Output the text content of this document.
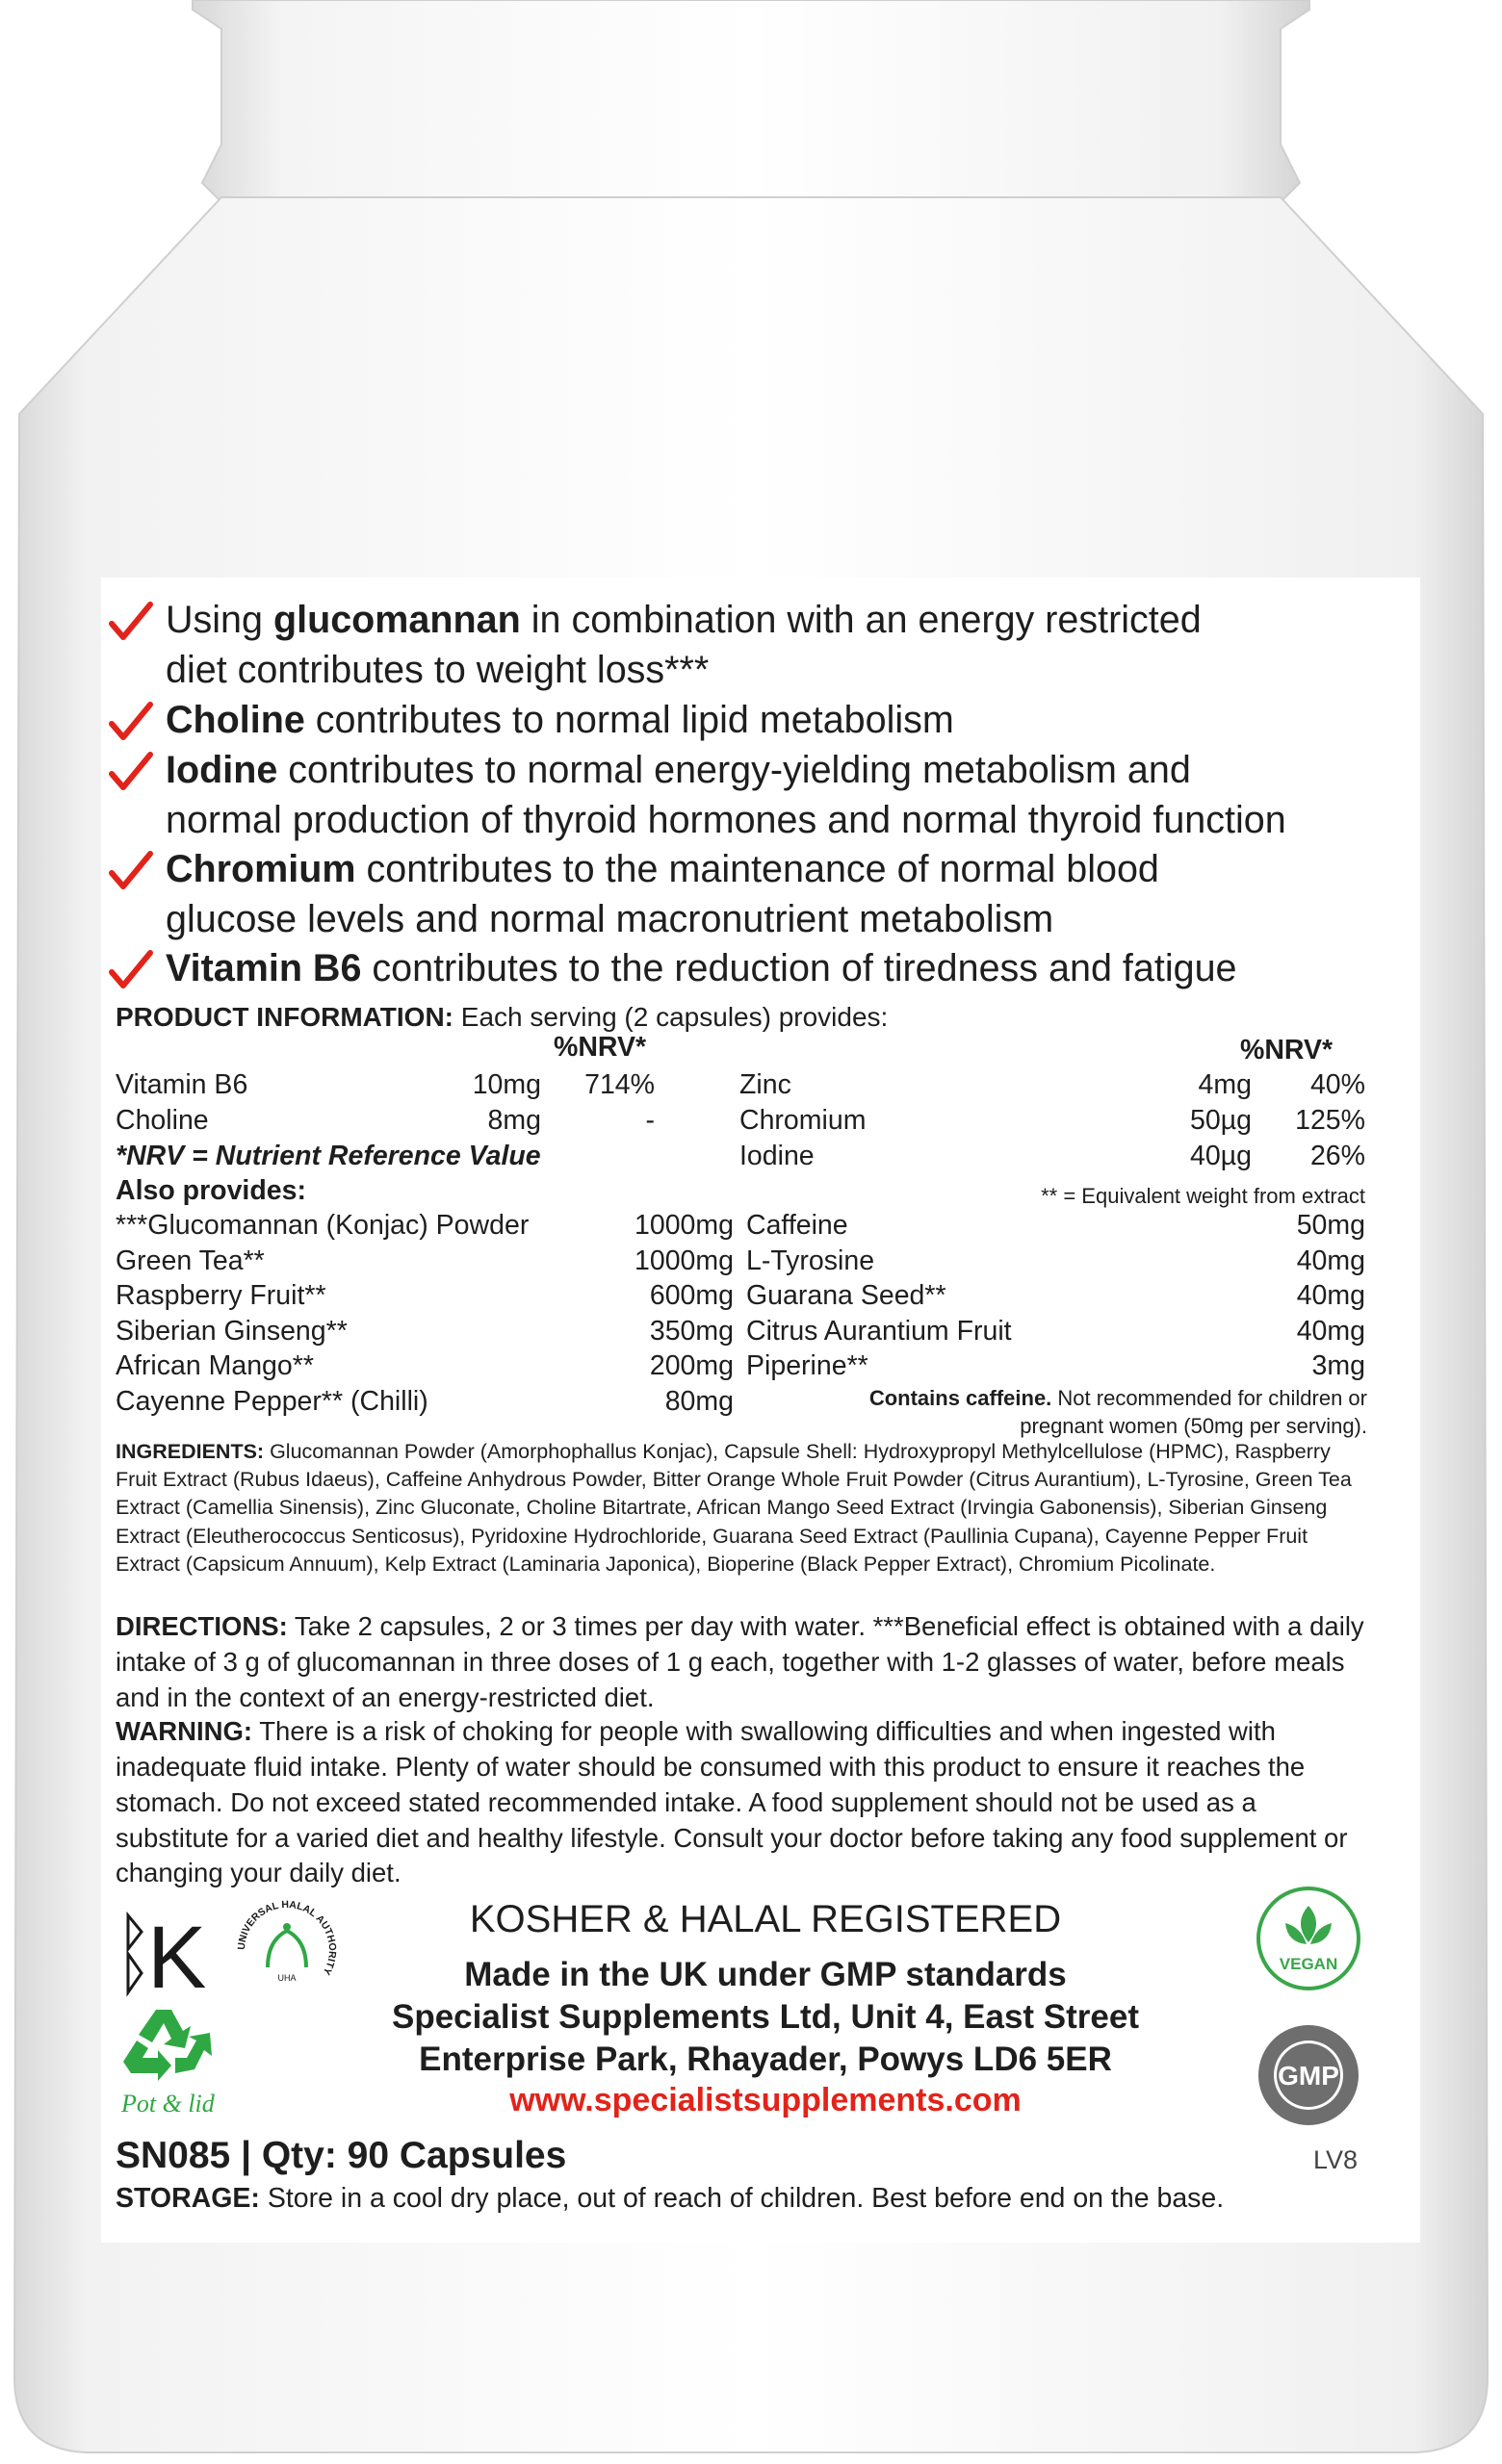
Using glucomannan in combination with an energy restricted
diet contributes to weight loss***
Choline contributes to normal lipid metabolism
Iodine contributes to normal energy-yielding metabolism and
normal production of thyroid hormones and normal thyroid function
Chromium contributes to the maintenance of normal blood
glucose levels and normal macronutrient metabolism
Vitamin B6 contributes to the reduction of tiredness and fatigue
PRODUCT INFORMATION: Each serving (2 capsules) provides:
%NRV*	%NRV*
Vitamin B6	10mg	714%
Choline	8mg	-
*NRV = Nutrient Reference Value
Zinc	4mg	40%
Chromium	50µg	125%
Iodine	40µg	26%
Also provides:	** = Equivalent weight from extract
***Glucomannan (Konjac) Powder	1000mg
Green Tea**	1000mg
Raspberry Fruit**	600mg
Siberian Ginseng**	350mg
African Mango**	200mg
Cayenne Pepper** (Chilli)	80mg
Caffeine	50mg
L-Tyrosine	40mg
Guarana Seed**	40mg
Citrus Aurantium Fruit	40mg
Piperine**	3mg
Contains caffeine. Not recommended for children or
pregnant women (50mg per serving).
INGREDIENTS: Glucomannan Powder (Amorphophallus Konjac), Capsule Shell: Hydroxypropyl Methylcellulose (HPMC), Raspberry Fruit Extract (Rubus Idaeus), Caffeine Anhydrous Powder, Bitter Orange Whole Fruit Powder (Citrus Aurantium), L-Tyrosine, Green Tea Extract (Camellia Sinensis), Zinc Gluconate, Choline Bitartrate, African Mango Seed Extract (Irvingia Gabonensis), Siberian Ginseng Extract (Eleutherococcus Senticosus), Pyridoxine Hydrochloride, Guarana Seed Extract (Paullinia Cupana), Cayenne Pepper Fruit Extract (Capsicum Annuum), Kelp Extract (Laminaria Japonica), Bioperine (Black Pepper Extract), Chromium Picolinate.
DIRECTIONS: Take 2 capsules, 2 or 3 times per day with water. ***Beneficial effect is obtained with a daily intake of 3 g of glucomannan in three doses of 1 g each, together with 1-2 glasses of water, before meals and in the context of an energy-restricted diet.
WARNING: There is a risk of choking for people with swallowing difficulties and when ingested with inadequate fluid intake. Plenty of water should be consumed with this product to ensure it reaches the stomach. Do not exceed stated recommended intake. A food supplement should not be used as a substitute for a varied diet and healthy lifestyle. Consult your doctor before taking any food supplement or changing your daily diet.
K	UNIVERSAL HALAL AUTHORITY
UHA
Pot & lid
KOSHER & HALAL REGISTERED
Made in the UK under GMP standards
Specialist Supplements Ltd, Unit 4, East Street
Enterprise Park, Rhayader, Powys LD6 5ER
www.specialistsupplements.com
VEGAN
GMP
SN085 | Qty: 90 Capsules	LV8
STORAGE: Store in a cool dry place, out of reach of children. Best before end on the base.
